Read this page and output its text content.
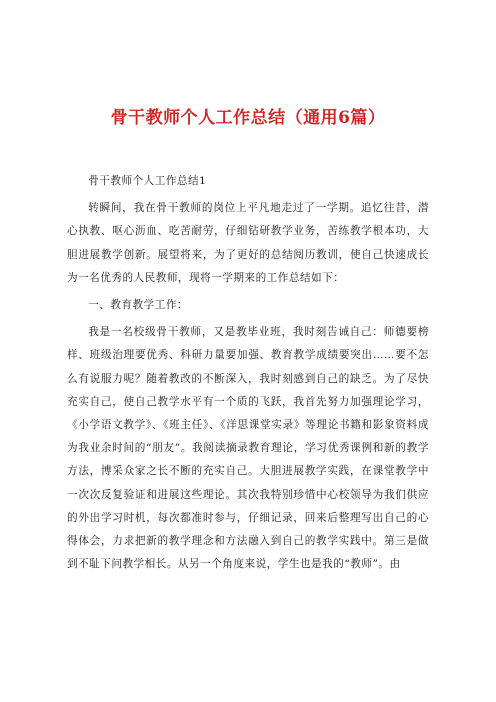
骨干教师个人工作总结（通用6篇）

骨干教师个人工作总结1

转瞬间，我在骨干教师的岗位上平凡地走过了一学期。追忆往昔，潜心执教、呕心沥血、吃苦耐劳，仔细钻研教学业务，苦练教学根本功，大胆进展教学创新。展望将来，为了更好的总结阅历教训，使自己快速成长为一名优秀的人民教师，现将一学期来的工作总结如下：

一、教育教学工作：

我是一名校级骨干教师，又是教毕业班，我时刻告诫自己：师德要榜样、班级治理要优秀、科研力量要加强、教育教学成绩要突出……要不怎么有说服力呢？随着教改的不断深入，我时刻感到自己的缺乏。为了尽快充实自己，使自己教学水平有一个质的飞跃，我首先努力加强理论学习，《小学语文教学》、《班主任》、《洋思课堂实录》等理论书籍和影象资料成为我业余时间的“朋友”。我阅读摘录教育理论，学习优秀课例和新的教学方法，博采众家之长不断的充实自己。大胆进展教学实践，在课堂教学中一次次反复验证和进展这些理论。其次我特别珍惜中心校领导为我们供应的外出学习时机，每次都准时参与，仔细记录，回来后整理写出自己的心得体会，力求把新的教学理念和方法融入到自己的教学实践中。第三是做到不耻下问教学相长。从另一个角度来说，学生也是我的“教师”。由
